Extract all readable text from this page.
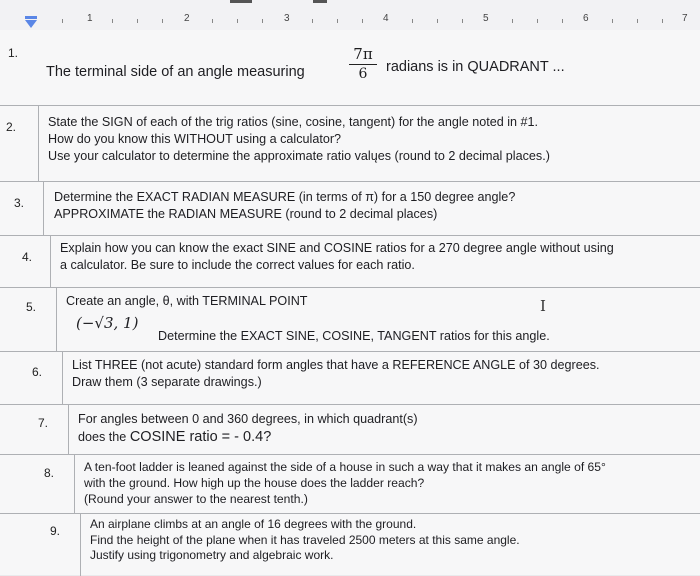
1	2	3	4	5	6	7
1.
The terminal side of an angle measuring
7π
6	radians is in QUADRANT ...
2.	State the SIGN of each of the trig ratios (sine, cosine, tangent) for the angle noted in #1.
How do you know this WITHOUT using a calculator?
Use your calculator to determine the approximate ratio valųes (round to 2 decimal places.)
3. Determine the EXACT RADIAN MEASURE (in terms of π) for a 150 degree angle?
APPROXIMATE the RADIAN MEASURE (round to 2 decimal places)
4.
Explain how you can know the exact SINE and COSINE ratios for a 270 degree angle without using
a calculator. Be sure to include the correct values for each ratio.
5. Create an angle, θ, with TERMINAL POINT
(−√3, 1)
Determine the EXACT SINE, COSINE, TANGENT ratios for this angle.
I
6. List THREE (not acute) standard form angles that have a REFERENCE ANGLE of 30 degrees.
Draw them (3 separate drawings.)
7. For angles between 0 and 360 degrees, in which quadrant(s)
does the COSINE ratio = - 0.4?
8. A ten-foot ladder is leaned against the side of a house in such a way that it makes an angle of 65°
with the ground. How high up the house does the ladder reach?
(Round your answer to the nearest tenth.)
9. An airplane climbs at an angle of 16 degrees with the ground.
Find the height of the plane when it has traveled 2500 meters at this same angle.
Justify using trigonometry and algebraic work.
